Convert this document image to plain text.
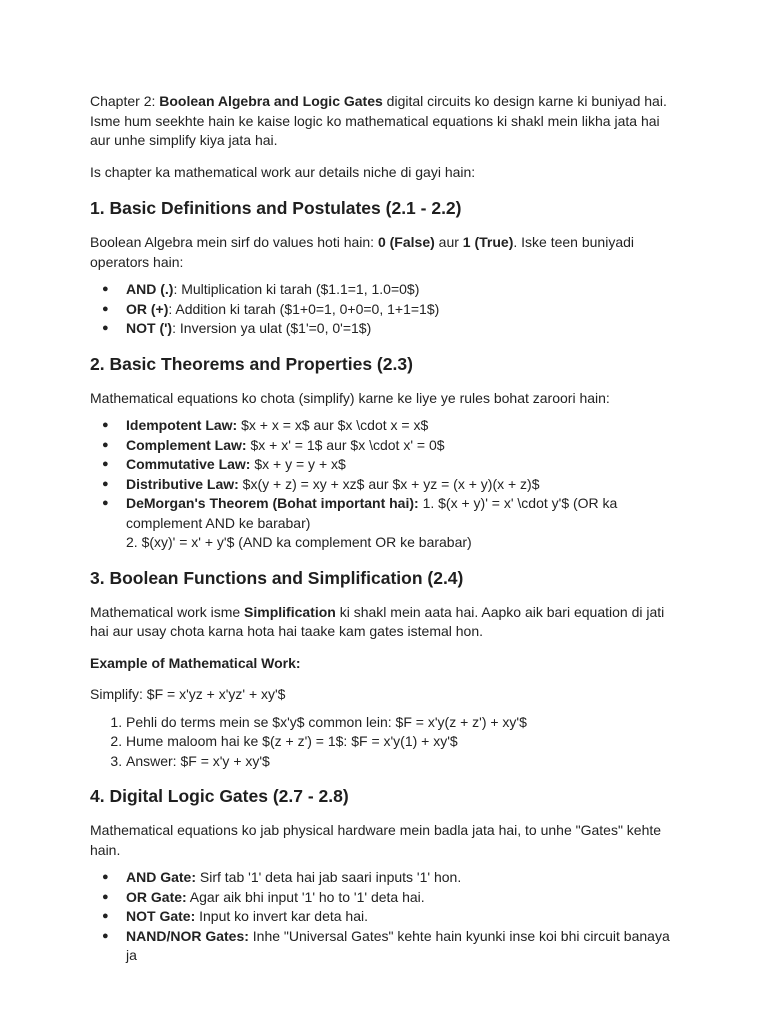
Chapter 2: Boolean Algebra and Logic Gates digital circuits ko design karne ki buniyad hai. Isme hum seekhte hain ke kaise logic ko mathematical equations ki shakl mein likha jata hai aur unhe simplify kiya jata hai.

Is chapter ka mathematical work aur details niche di gayi hain:

1. Basic Definitions and Postulates (2.1 - 2.2)

Boolean Algebra mein sirf do values hoti hain: 0 (False) aur 1 (True). Iske teen buniyadi operators hain:

● AND (.): Multiplication ki tarah ($1.1=1, 1.0=0$)
● OR (+): Addition ki tarah ($1+0=1, 0+0=0, 1+1=1$)
● NOT ('): Inversion ya ulat ($1'=0, 0'=1$)
2. Basic Theorems and Properties (2.3)

Mathematical equations ko chota (simplify) karne ke liye ye rules bohat zaroori hain:

● Idempotent Law: $x + x = x$ aur $x \cdot x = x$
● Complement Law: $x + x' = 1$ aur $x \cdot x' = 0$
● Commutative Law: $x + y = y + x$
● Distributive Law: $x(y + z) = xy + xz$ aur $x + yz = (x + y)(x + z)$
● DeMorgan's Theorem (Bohat important hai): 1. $(x + y)' = x' \cdot y'$ (OR ka complement AND ke barabar)
2. $(xy)' = x' + y'$ (AND ka complement OR ke barabar)
3. Boolean Functions and Simplification (2.4)

Mathematical work isme Simplification ki shakl mein aata hai. Aapko aik bari equation di jati hai aur usay chota karna hota hai taake kam gates istemal hon.

Example of Mathematical Work:

Simplify: $F = x'yz + x'yz' + xy'$

1. Pehli do terms mein se $x'y$ common lein: $F = x'y(z + z') + xy'$
2. Hume maloom hai ke $(z + z') = 1$: $F = x'y(1) + xy'$
3. Answer: $F = x'y + xy'$
4. Digital Logic Gates (2.7 - 2.8)

Mathematical equations ko jab physical hardware mein badla jata hai, to unhe "Gates" kehte hain.

● AND Gate: Sirf tab '1' deta hai jab saari inputs '1' hon.
● OR Gate: Agar aik bhi input '1' ho to '1' deta hai.
● NOT Gate: Input ko invert kar deta hai.
● NAND/NOR Gates: Inhe "Universal Gates" kehte hain kyunki inse koi bhi circuit banaya ja
